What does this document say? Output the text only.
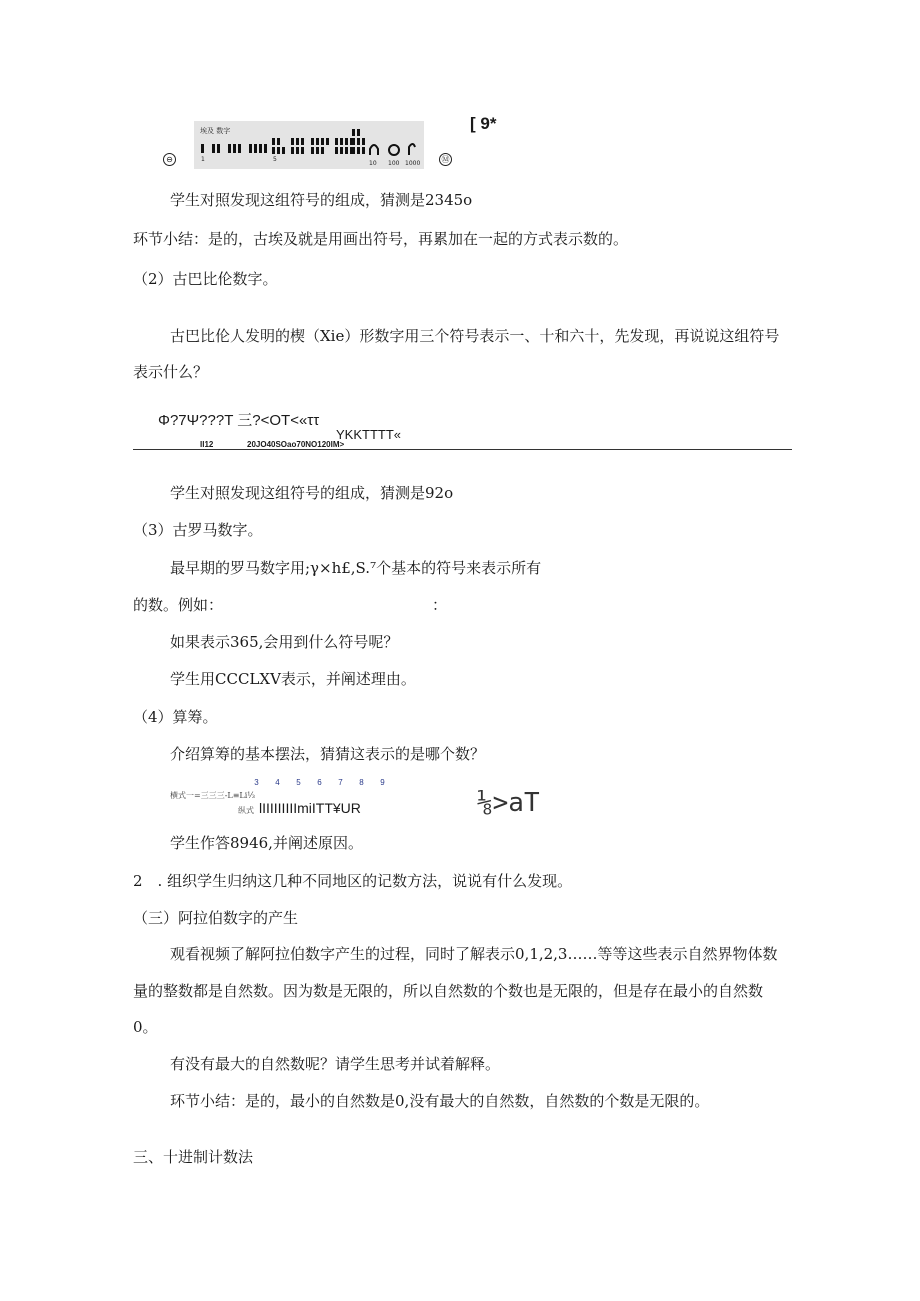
埃及 数字
1	5
10 100 1000
⊖	Ⓜ
[ 9*
学生对照发现这组符号的组成，猜测是2345o
环节小结：是的，古埃及就是用画出符号，再累加在一起的方式表示数的。
（2）古巴比伦数字。
古巴比伦人发明的楔（Xie）形数字用三个符号表示一、十和六十，先发现，再说说这组符号
表示什么？
Φ?7Ψ???T 三?<OT<«ττ
YKKTTTT«
II12	20JO40SOao70NO120IM>
学生对照发现这组符号的组成，猜测是92o
（3）古罗马数字。
最早期的罗马数字用;γ×h£,S.⁷个基本的符号来表示所有
的数。例如：	：
如果表示365,会用到什么符号呢？
学生用CCCLXV表示，并阐述理由。
（4）算筹。
介绍算筹的基本摆法，猜猜这表示的是哪个数？
3 4 5 6 7 8 9
横式一=三三三-L≡Li⅓
纵式 lIIIIIIIIImiITT¥UR	⅛>aT
学生作答8946,并阐述原因。
2　. 组织学生归纳这几种不同地区的记数方法，说说有什么发现。
（三）阿拉伯数字的产生
观看视频了解阿拉伯数字产生的过程，同时了解表示0,1,2,3……等等这些表示自然界物体数
量的整数都是自然数。因为数是无限的，所以自然数的个数也是无限的，但是存在最小的自然数
0。
有没有最大的自然数呢？请学生思考并试着解释。
环节小结：是的，最小的自然数是0,没有最大的自然数，自然数的个数是无限的。
三、十进制计数法
